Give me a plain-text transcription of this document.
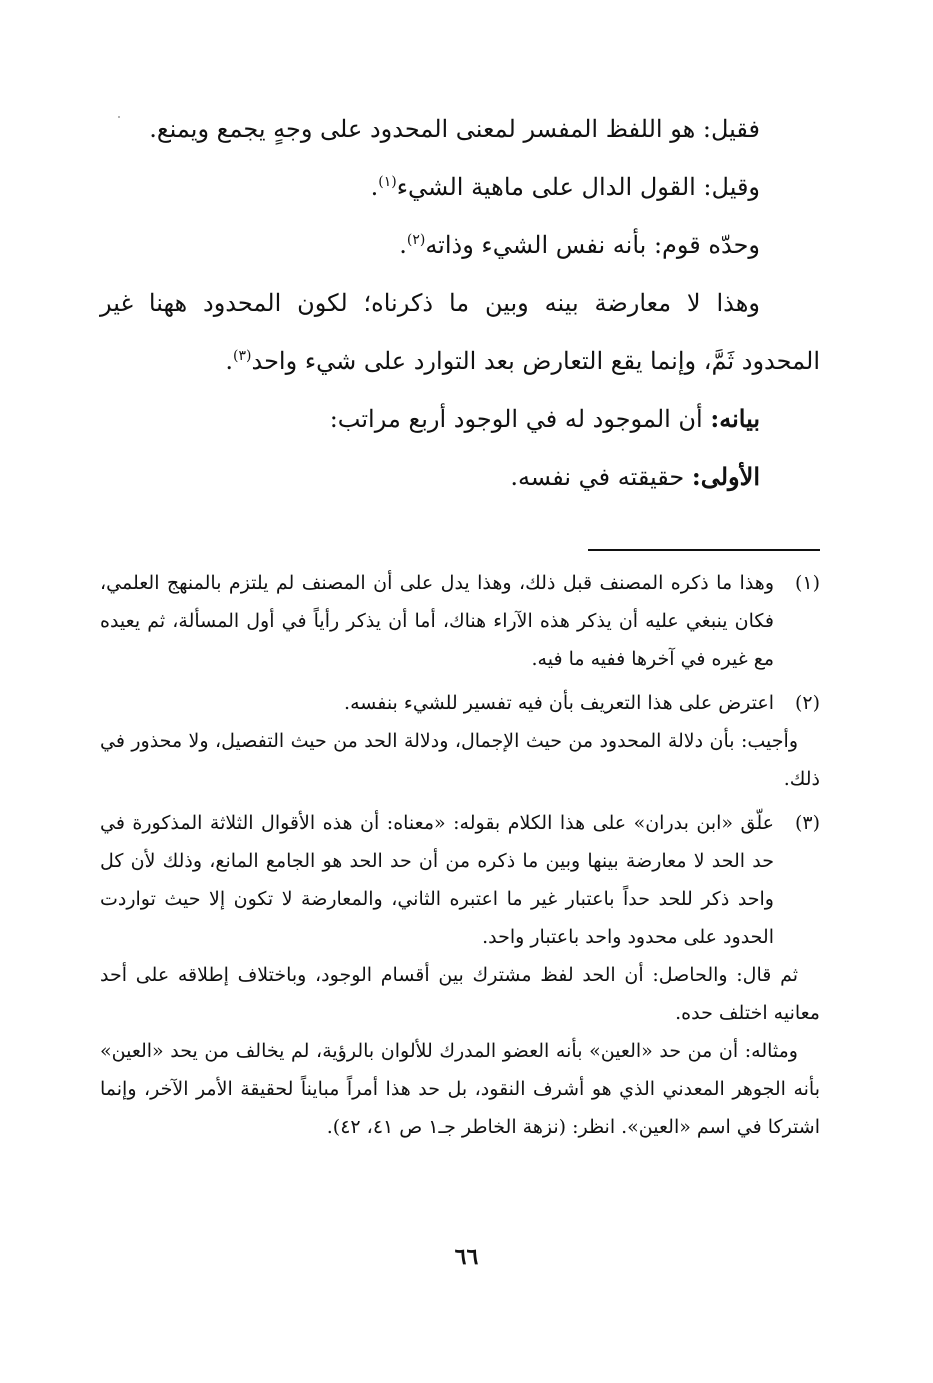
فقيل: هو اللفظ المفسر لمعنى المحدود على وجهٍ يجمع ويمنع.

وقيل: القول الدال على ماهية الشيء$^{(١)}$.

وحدّه قوم: بأنه نفس الشيء وذاته$^{(٢)}$.

وهذا لا معارضة بينه وبين ما ذكرناه؛ لكون المحدود ههنا غير المحدود ثَمَّ، وإنما يقع التعارض بعد التوارد على شيء واحد$^{(٣)}$.

بيانه: أن الموجود له في الوجود أربع مراتب:

الأولى: حقيقته في نفسه.

(١)

وهذا ما ذكره المصنف قبل ذلك، وهذا يدل على أن المصنف لم يلتزم بالمنهج العلمي، فكان ينبغي عليه أن يذكر هذه الآراء هناك، أما أن يذكر رأياً في أول المسألة، ثم يعيده مع غيره في آخرها ففيه ما فيه.

(٢)

اعترض على هذا التعريف بأن فيه تفسير للشيء بنفسه.

وأجيب: بأن دلالة المحدود من حيث الإجمال، ودلالة الحد من حيث التفصيل، ولا محذور في ذلك.

(٣)

علّق «ابن بدران» على هذا الكلام بقوله: «معناه: أن هذه الأقوال الثلاثة المذكورة في حد الحد لا معارضة بينها وبين ما ذكره من أن حد الحد هو الجامع المانع، وذلك لأن كل واحد ذكر للحد حداً باعتبار غير ما اعتبره الثاني، والمعارضة لا تكون إلا حيث تواردت الحدود على محدود واحد باعتبار واحد.

ثم قال: والحاصل: أن الحد لفظ مشترك بين أقسام الوجود، وباختلاف إطلاقه على أحد معانيه اختلف حده.

ومثاله: أن من حد «العين» بأنه العضو المدرك للألوان بالرؤية، لم يخالف من يحد «العين» بأنه الجوهر المعدني الذي هو أشرف النقود، بل حد هذا أمراً مبايناً لحقيقة الأمر الآخر، وإنما اشتركا في اسم «العين». انظر: (نزهة الخاطر جـ١ ص ٤١، ٤٢).

٦٦
